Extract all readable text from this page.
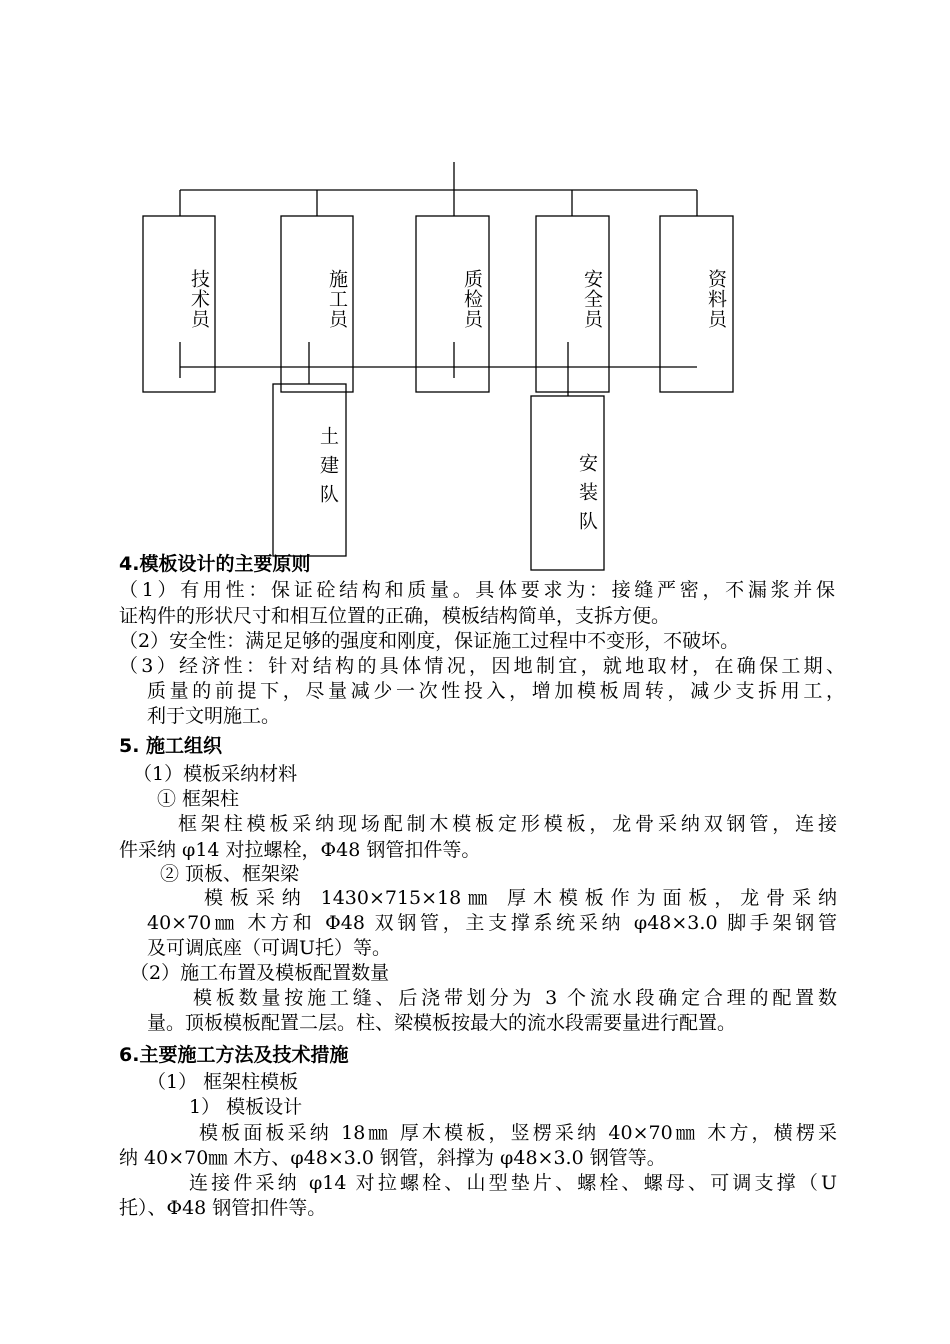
技术员	施工员	质检员	安全员	资料员
土建队	安装队
4.模板设计的主要原则
（1）有用性：保证砼结构和质量。具体要求为：接缝严密，不漏浆并保
证构件的形状尺寸和相互位置的正确，模板结构简单，支拆方便。
（2）安全性：满足足够的强度和刚度，保证施工过程中不变形，不破坏。
（3）经济性：针对结构的具体情况，因地制宜，就地取材，在确保工期、
质量的前提下，尽量减少一次性投入，增加模板周转，减少支拆用工，
利于文明施工。
5. 施工组织
（1）模板采纳材料
① 框架柱
框架柱模板采纳现场配制木模板定形模板，龙骨采纳双钢管，连接
件采纳 φ14 对拉螺栓，Φ48 钢管扣件等。
② 顶板、框架梁
模板采纳 1430×715×18㎜ 厚木模板作为面板，龙骨采纳
40×70㎜ 木方和 Φ48 双钢管，主支撑系统采纳 φ48×3.0 脚手架钢管
及可调底座（可调U托）等。
（2）施工布置及模板配置数量
模板数量按施工缝、后浇带划分为 3 个流水段确定合理的配置数
量。顶板模板配置二层。柱、梁模板按最大的流水段需要量进行配置。
6.主要施工方法及技术措施
（1） 框架柱模板
1） 模板设计
模板面板采纳 18㎜ 厚木模板，竖楞采纳 40×70㎜ 木方，横楞采
纳 40×70㎜ 木方、φ48×3.0 钢管，斜撑为 φ48×3.0 钢管等。
连接件采纳 φ14 对拉螺栓、山型垫片、螺栓、螺母、可调支撑（U
托）、Φ48 钢管扣件等。
